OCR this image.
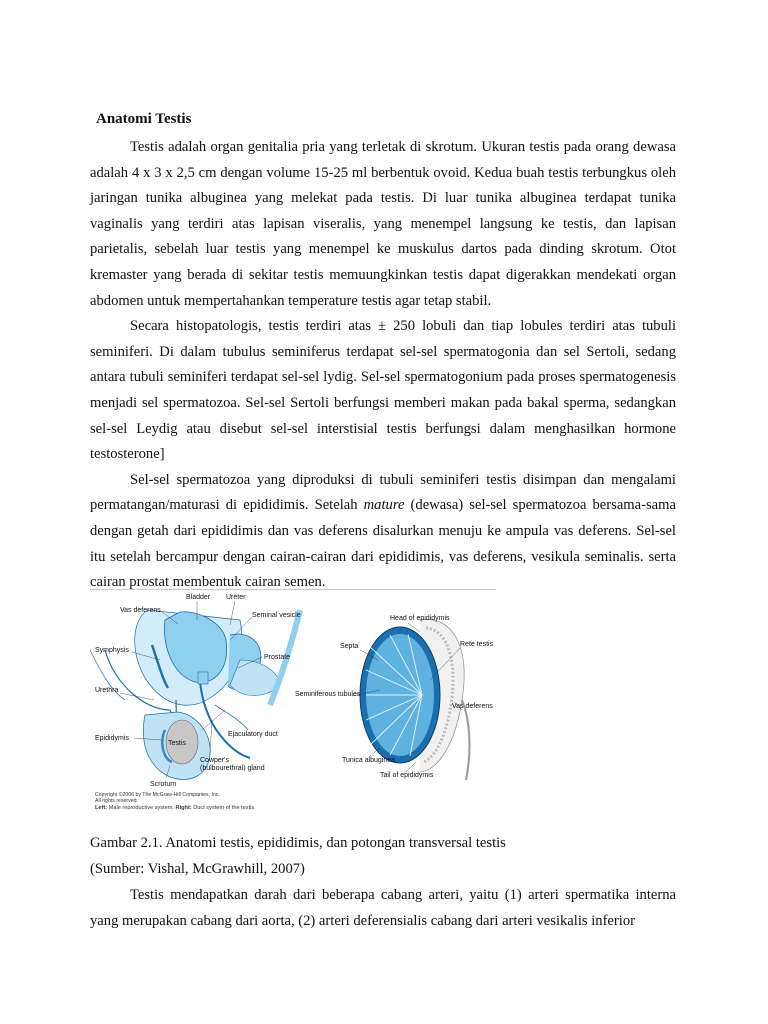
Anatomi Testis

Testis adalah organ genitalia pria yang terletak di skrotum. Ukuran testis pada orang dewasa adalah 4 x 3 x 2,5 cm dengan volume 15-25 ml berbentuk ovoid. Kedua buah testis terbungkus oleh jaringan tunika albuginea yang melekat pada testis. Di luar tunika albuginea terdapat tunika vaginalis yang terdiri atas lapisan viseralis, yang menempel langsung ke testis, dan lapisan parietalis, sebelah luar testis yang menempel ke muskulus dartos pada dinding skrotum. Otot kremaster yang berada di sekitar testis memuungkinkan testis dapat digerakkan mendekati organ abdomen untuk mempertahankan temperature testis agar tetap stabil.

Secara histopatologis, testis terdiri atas ± 250 lobuli dan tiap lobules terdiri atas tubuli seminiferi. Di dalam tubulus seminiferus terdapat sel-sel spermatogonia dan sel Sertoli, sedang antara tubuli seminiferi terdapat sel-sel lydig. Sel-sel spermatogonium pada proses spermatogenesis menjadi sel spermatozoa. Sel-sel Sertoli berfungsi memberi makan pada bakal sperma, sedangkan sel-sel Leydig atau disebut sel-sel interstisial testis berfungsi dalam menghasilkan hormone testosterone]

Sel-sel spermatozoa yang diproduksi di tubuli seminiferi testis disimpan dan mengalami permatangan/maturasi di epididimis. Setelah mature (dewasa) sel-sel spermatozoa bersama-sama dengan getah dari epididimis dan vas deferens disalurkan menuju ke ampula vas deferens. Sel-sel itu setelah bercampur dengan cairan-cairan dari epididimis, vas deferens, vesikula seminalis. serta cairan prostat membentuk cairan semen.

Bladder Ureter
Vas deferens
Seminal vesicle
Symphysis
Prostate
Urethra
Epididymis
Testis
Ejaculatory duct
Cowper's
(bulbourethral) gland
Scrotum
Head of epididymis
Septa	Rete testis
Seminiferous tubules
Vas deferens
Tunica albuginea
Tail of epididymis
Copyright ©2006 by The McGraw-Hill Companies, Inc.
All rights reserved.
Left: Male reproductive system. Right: Duct system of the testis.

Gambar 2.1. Anatomi testis, epididimis, dan potongan transversal testis

(Sumber: Vishal, McGrawhill, 2007)

Testis mendapatkan darah dari beberapa cabang arteri, yaitu (1) arteri spermatika interna yang merupakan cabang dari aorta, (2) arteri deferensialis cabang dari arteri vesikalis inferior
